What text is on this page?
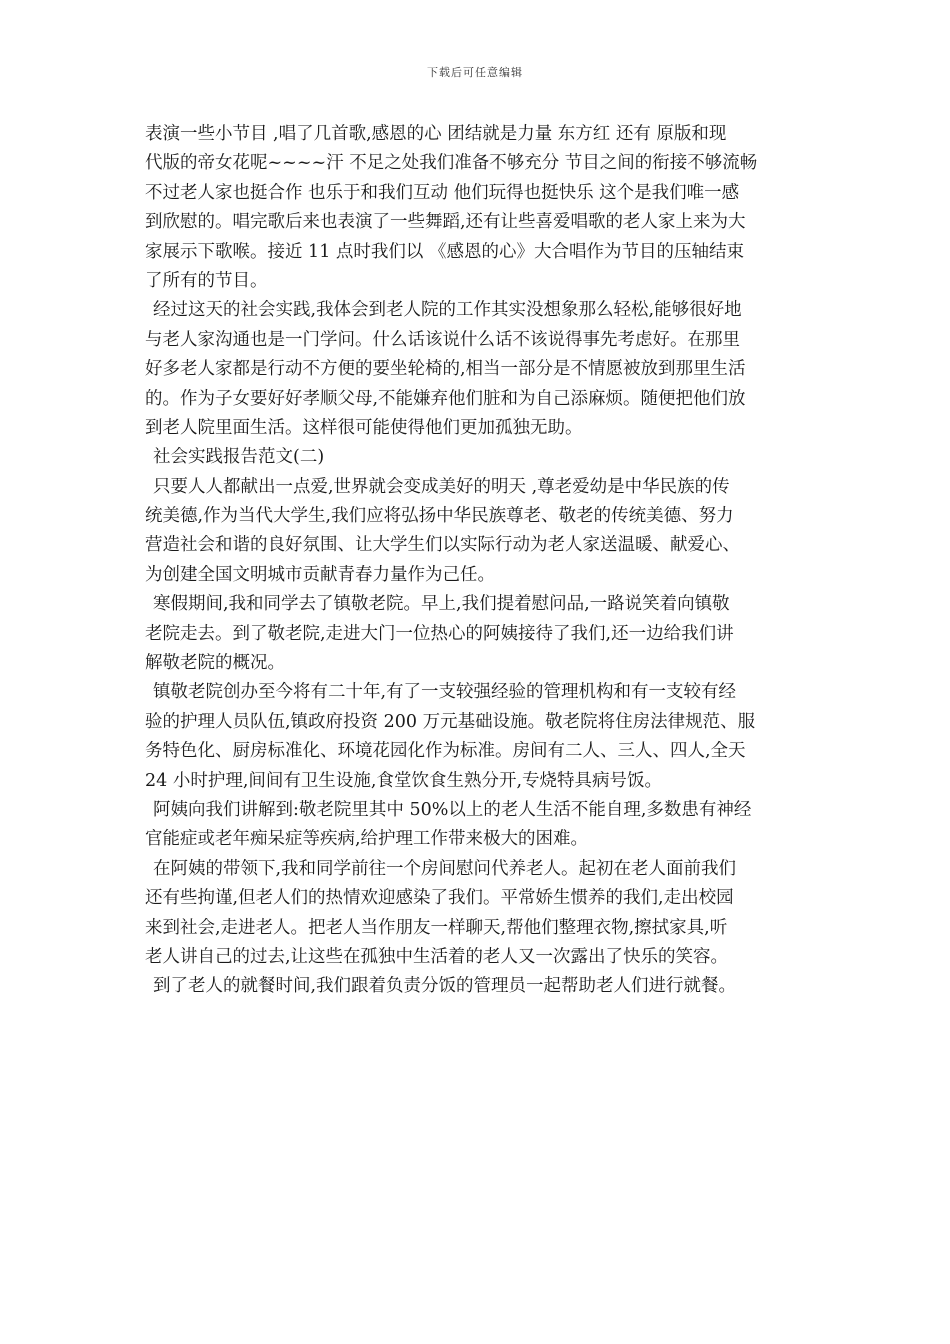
下载后可任意编辑
表演一些小节目 ,唱了几首歌,感恩的心 团结就是力量 东方红 还有 原版和现
代版的帝女花呢~~~~汗 不足之处我们准备不够充分 节目之间的衔接不够流畅
不过老人家也挺合作 也乐于和我们互动 他们玩得也挺快乐 这个是我们唯一感
到欣慰的。唱完歌后来也表演了一些舞蹈,还有让些喜爱唱歌的老人家上来为大
家展示下歌喉。接近 11 点时我们以 《感恩的心》大合唱作为节目的压轴结束
了所有的节目。
经过这天的社会实践,我体会到老人院的工作其实没想象那么轻松,能够很好地
与老人家沟通也是一门学问。什么话该说什么话不该说得事先考虑好。在那里
好多老人家都是行动不方便的要坐轮椅的,相当一部分是不情愿被放到那里生活
的。作为子女要好好孝顺父母,不能嫌弃他们脏和为自己添麻烦。随便把他们放
到老人院里面生活。这样很可能使得他们更加孤独无助。
社会实践报告范文(二)
只要人人都献出一点爱,世界就会变成美好的明天 ,尊老爱幼是中华民族的传
统美德,作为当代大学生,我们应将弘扬中华民族尊老、敬老的传统美德、努力
营造社会和谐的良好氛围、让大学生们以实际行动为老人家送温暖、献爱心、
为创建全国文明城市贡献青春力量作为己任。
寒假期间,我和同学去了镇敬老院。早上,我们提着慰问品,一路说笑着向镇敬
老院走去。到了敬老院,走进大门一位热心的阿姨接待了我们,还一边给我们讲
解敬老院的概况。
镇敬老院创办至今将有二十年,有了一支较强经验的管理机构和有一支较有经
验的护理人员队伍,镇政府投资 200 万元基础设施。敬老院将住房法律规范、服
务特色化、厨房标准化、环境花园化作为标准。房间有二人、三人、四人,全天
24 小时护理,间间有卫生设施,食堂饮食生熟分开,专烧特具病号饭。
阿姨向我们讲解到:敬老院里其中 50%以上的老人生活不能自理,多数患有神经
官能症或老年痴呆症等疾病,给护理工作带来极大的困难。
在阿姨的带领下,我和同学前往一个房间慰问代养老人。起初在老人面前我们
还有些拘谨,但老人们的热情欢迎感染了我们。平常娇生惯养的我们,走出校园
来到社会,走进老人。把老人当作朋友一样聊天,帮他们整理衣物,擦拭家具,听
老人讲自己的过去,让这些在孤独中生活着的老人又一次露出了快乐的笑容。
到了老人的就餐时间,我们跟着负责分饭的管理员一起帮助老人们进行就餐。
